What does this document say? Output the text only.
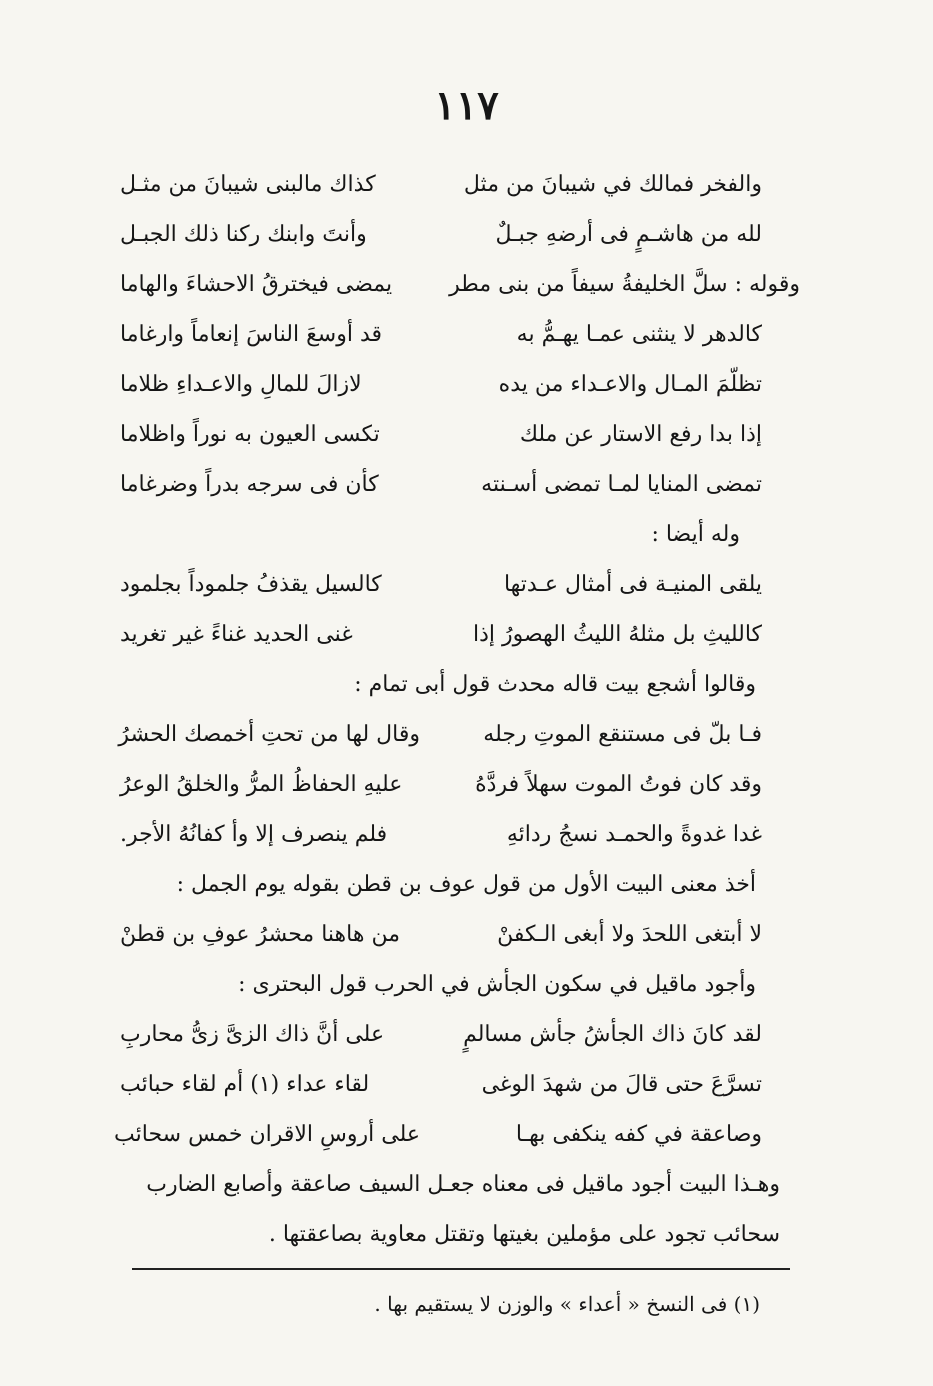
١١٧
والفخر فمالك في شيبانَ من مثل
كذاك مالبنى شيبانَ من مثـل
لله من هاشـمٍ فى أرضهِ جبـلٌ
وأنتَ وابنك ركنا ذلك الجبـل
وقوله : سلَّ الخليفةُ سيفاً من بنى مطر
يمضى فيخترقُ الاحشاءَ والهاما
كالدهر لا ينثنى عمـا يهـمُّ به
قد أوسعَ الناسَ إنعاماً وارغاما
تظلّمَ المـال والاعـداء من يده
لازالَ للمالِ والاعـداءِ ظلاما
إذا بدا رفع الاستار عن ملك
تكسى العيون به نوراً واظلاما
تمضى المنايا لمـا تمضى أسـنته
كأن فى سرجه بدراً وضرغاما
وله أيضا :
يلقى المنيـة فى أمثال عـدتها
كالسيل يقذفُ جلموداً بجلمود
كالليثِ بل مثلهُ الليثُ الهصورُ إذا
غنى الحديد غناءً غير تغريد
وقالوا أشجع بيت قاله محدث قول أبى تمام :
فـا بلّ فى مستنقع الموتِ رجله
وقال لها من تحتِ أخمصك الحشرُ
وقد كان فوتُ الموت سهلاً فردَّهُ
عليهِ الحفاظُ المرُّ والخلقُ الوعرُ
غدا غدوةً والحمـد نسجُ ردائهِ
فلم ينصرف إلا وأ كفانُهُ الأجر.
أخذ معنى البيت الأول من قول عوف بن قطن بقوله يوم الجمل :
لا أبتغى اللحدَ ولا أبغى الـكفنْ
من هاهنا محشرُ عوفِ بن قطنْ
وأجود ماقيل في سكون الجأش في الحرب قول البحترى :
لقد كانَ ذاك الجأشُ جأش مسالمٍ
على أنَّ ذاك الزىَّ زىُّ محاربِ
تسرَّعَ حتى قالَ من شهدَ الوغى
لقاء عداء (١) أم لقاء حبائب
وصاعقة في كفه ينكفى بهـا
على أروسِ الاقران خمس سحائب
وهـذا البيت أجود ماقيل فى معناه جعـل السيف صاعقة وأصابع الضارب
سحائب تجود على مؤملين بغيتها وتقتل معاوية بصاعقتها .
(١) فى النسخ « أعداء » والوزن لا يستقيم بها .
